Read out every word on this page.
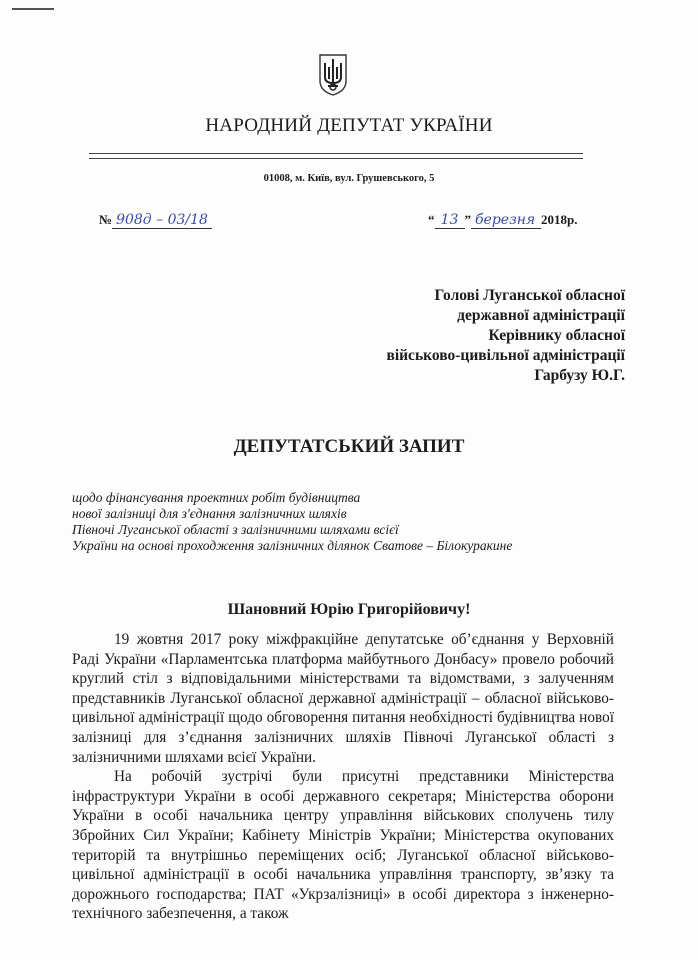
НАРОДНИЙ ДЕПУТАТ УКРАЇНИ
01008, м. Київ, вул. Грушевського, 5
№ 908д – 03/18	“ 13 ” березня 2018р.
Голові Луганської обласної
державної адміністрації
Керівнику обласної
військово-цивільної адміністрації
Гарбузу Ю.Г.
ДЕПУТАТСЬКИЙ ЗАПИТ
щодо фінансування проектних робіт будівництва
нової залізниці для з'єднання залізничних шляхів
Півночі Луганської області з залізничними шляхами всієї
України на основі проходження залізничних ділянок Сватове – Білокуракине
Шановний Юрію Григорійовичу!

19 жовтня 2017 року міжфракційне депутатське об’єднання у Верховній Раді України «Парламентська платформа майбутнього Донбасу» провело робочий круглий стіл з відповідальними міністерствами та відомствами, з залученням представників Луганської обласної державної адміністрації – обласної військово-цивільної адміністрації щодо обговорення питання необхідності будівництва нової залізниці для з’єднання залізничних шляхів Півночі Луганської області з залізничними шляхами всієї України.

На робочій зустрічі були присутні представники Міністерства інфраструктури України в особі державного секретаря; Міністерства оборони України в особі начальника центру управління військових сполучень тилу Збройних Сил України; Кабінету Міністрів України; Міністерства окупованих територій та внутрішньо переміщених осіб; Луганської обласної військово-цивільної адміністрації в особі начальника управління транспорту, зв’язку та дорожнього господарства; ПАТ «Укрзалізниці» в особі директора з інженерно-технічного забезпечення, а також
